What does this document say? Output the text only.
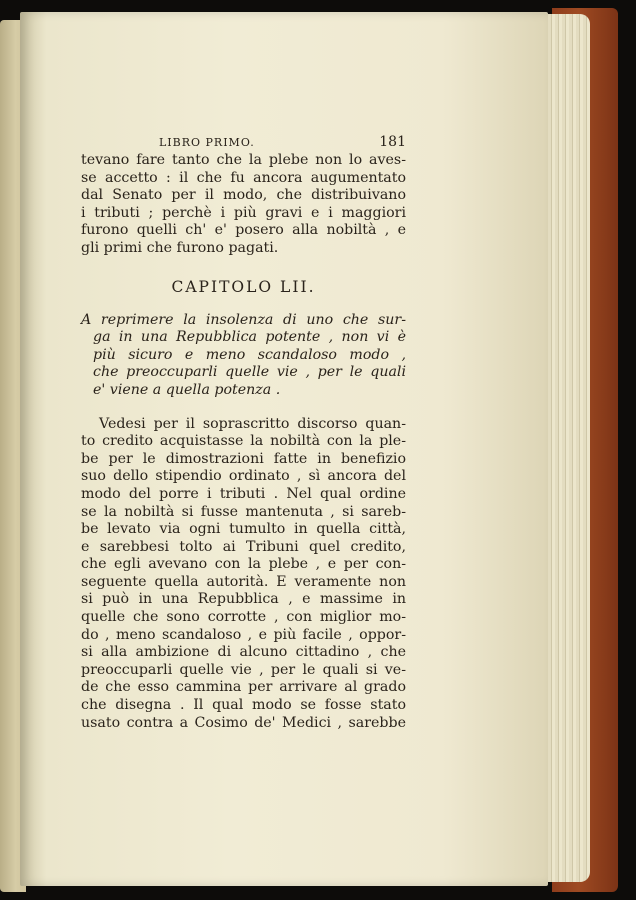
LIBRO PRIMO.	181
tevano fare tanto che la plebe non lo aves-
se accetto : il che fu ancora augumentato
dal Senato per il modo, che distribuivano
i tributi ; perchè i più gravi e i maggiori
furono quelli ch' e' posero alla nobiltà , e
gli primi che furono pagati.
CAPITOLO LII.
A reprimere la insolenza di uno che sur-
ga in una Repubblica potente , non vi è
più sicuro e meno scandaloso modo ,
che preoccuparli quelle vie , per le quali
e' viene a quella potenza .
Vedesi per il soprascritto discorso quan-
to credito acquistasse la nobiltà con la ple-
be per le dimostrazioni fatte in benefizio
suo dello stipendio ordinato , sì ancora del
modo del porre i tributi . Nel qual ordine
se la nobiltà si fusse mantenuta , si sareb-
be levato via ogni tumulto in quella città,
e sarebbesi tolto ai Tribuni quel credito,
che egli avevano con la plebe , e per con-
seguente quella autorità. E veramente non
si può in una Repubblica , e massime in
quelle che sono corrotte , con miglior mo-
do , meno scandaloso , e più facile , oppor-
si alla ambizione di alcuno cittadino , che
preoccuparli quelle vie , per le quali si ve-
de che esso cammina per arrivare al grado
che disegna . Il qual modo se fosse stato
usato contra a Cosimo de' Medici , sarebbe
